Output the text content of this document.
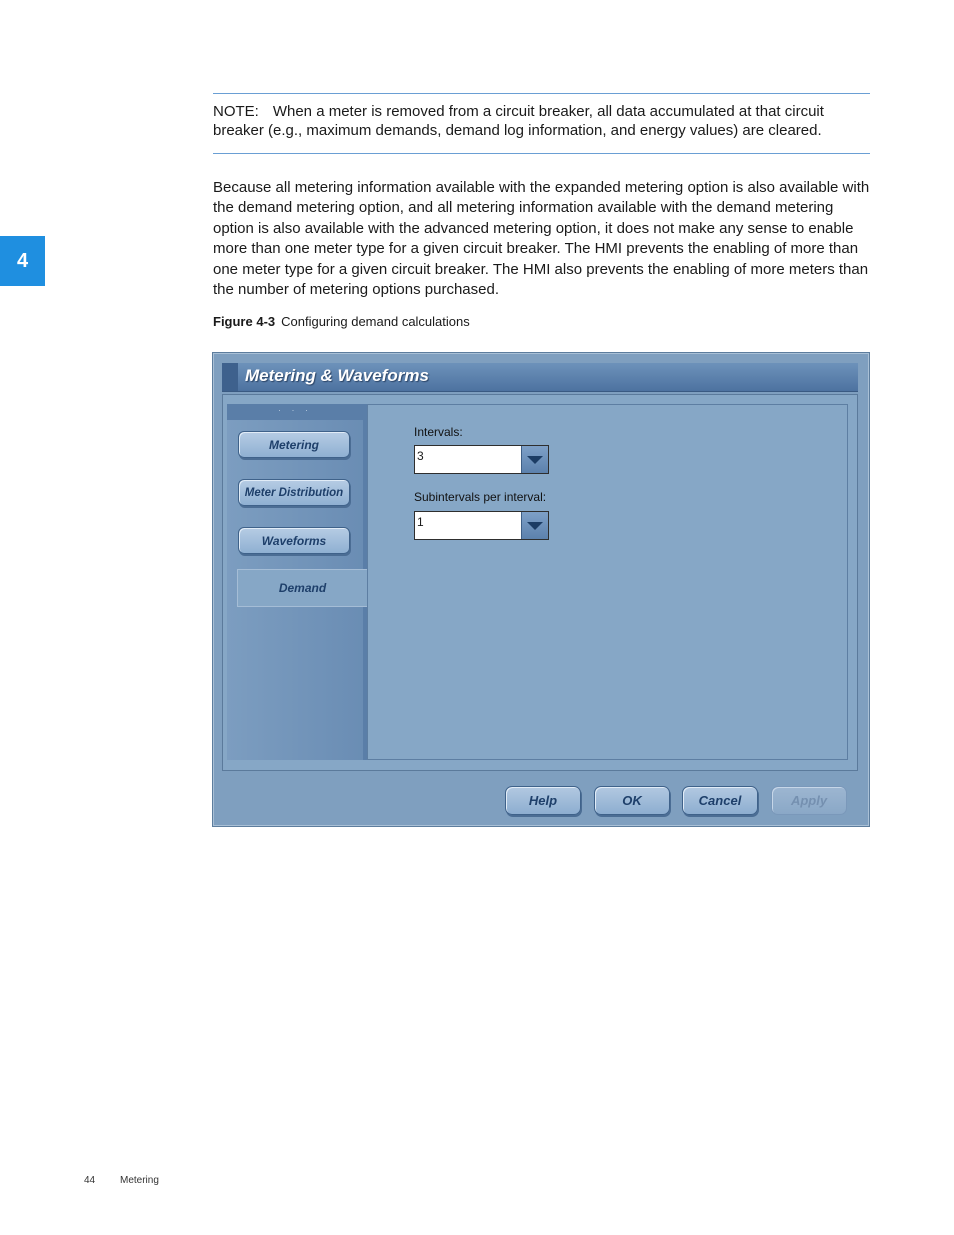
4
NOTE: When a meter is removed from a circuit breaker, all data accumulated at that circuit breaker (e.g., maximum demands, demand log information, and energy values) are cleared.

Because all metering information available with the expanded metering option is also available with the demand metering option, and all metering information available with the demand metering option is also available with the advanced metering option, it does not make any sense to enable more than one meter type for a given circuit breaker. The HMI prevents the enabling of more than one meter type for a given circuit breaker. The HMI also prevents the enabling of more meters than the number of metering options purchased.

Figure 4-3 Configuring demand calculations
Metering & Waveforms
· · ·
Metering
Meter Distribution
Waveforms
Demand
Intervals:
3
Subintervals per interval:
1
Help	OK	Cancel	Apply
44 Metering
